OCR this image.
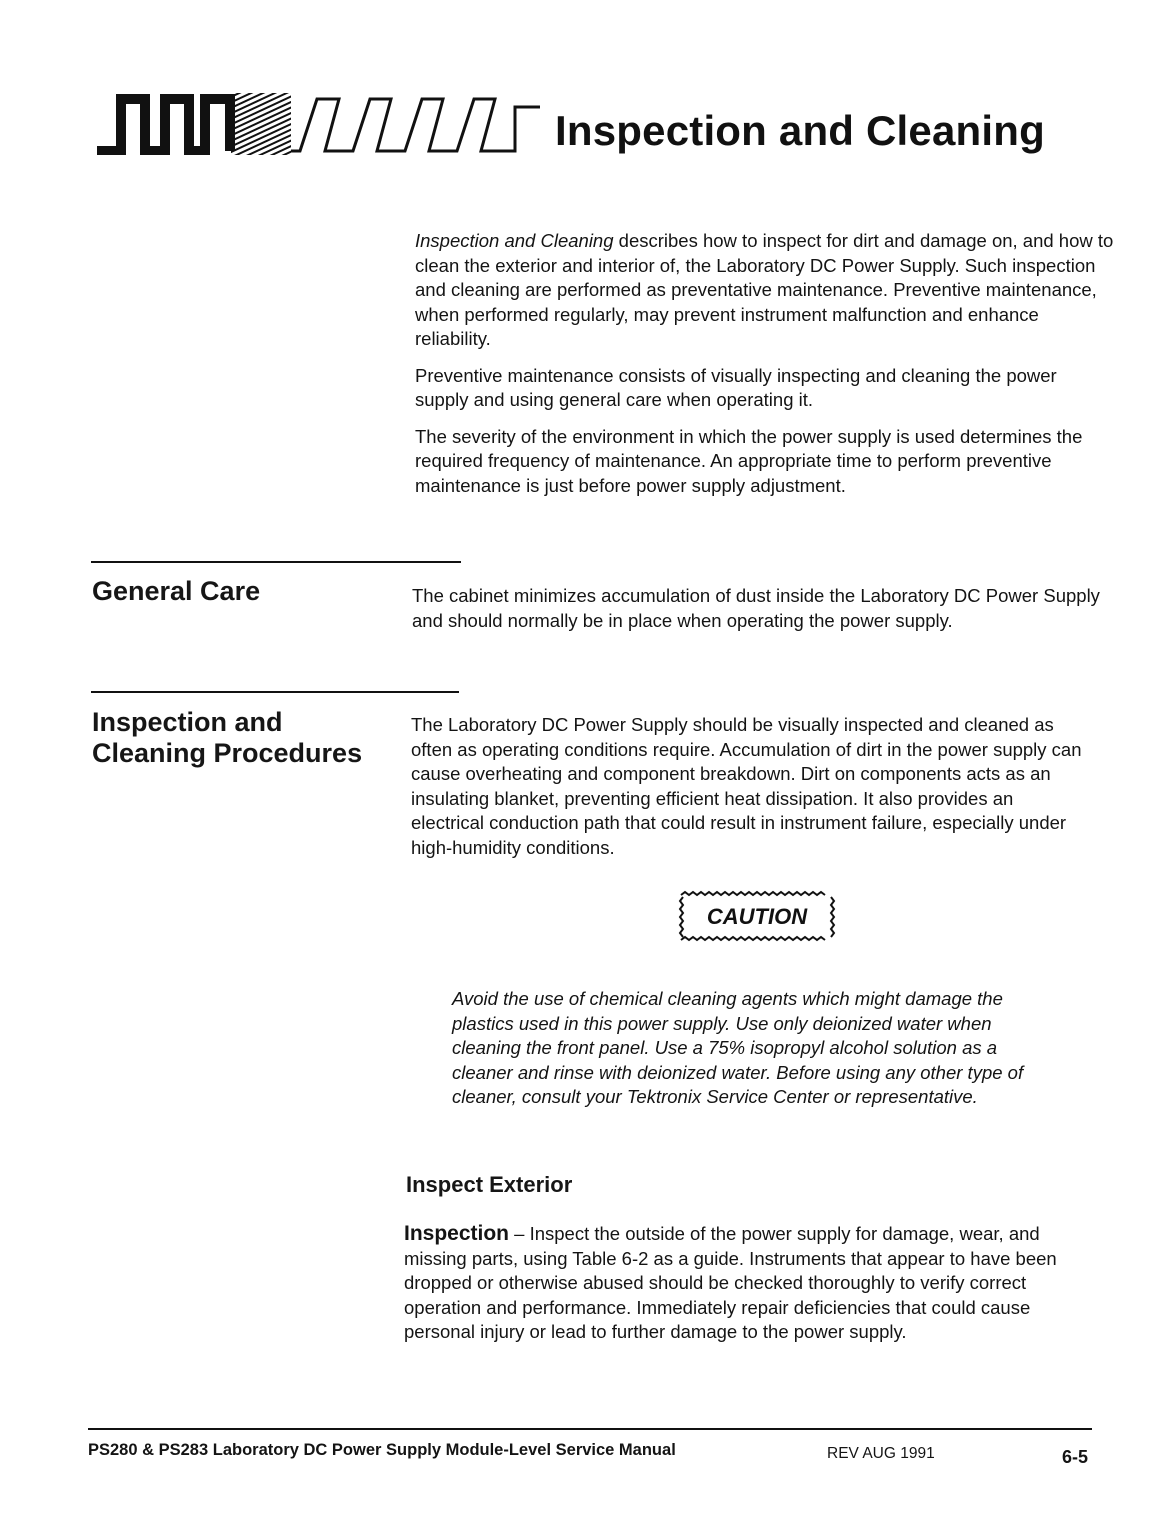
Inspection and Cleaning

Inspection and Cleaning describes how to inspect for dirt and damage on, and how to clean the exterior and interior of, the Laboratory DC Power Supply. Such inspection and cleaning are performed as preventative maintenance. Preventive maintenance, when performed regularly, may prevent instrument malfunction and enhance reliability.

Preventive maintenance consists of visually inspecting and cleaning the power supply and using general care when operating it.

The severity of the environment in which the power supply is used determines the required frequency of maintenance. An appropriate time to perform preventive maintenance is just before power supply adjustment.

General Care	The cabinet minimizes accumulation of dust inside the Laboratory DC Power Supply and should normally be in place when operating the power supply.

Inspection and
Cleaning Procedures

The Laboratory DC Power Supply should be visually inspected and cleaned as often as operating conditions require. Accumulation of dirt in the power supply can cause overheating and component breakdown. Dirt on components acts as an insulating blanket, preventing efficient heat dissipation. It also provides an electrical conduction path that could result in instrument failure, especially under high-humidity conditions.

CAUTION

Avoid the use of chemical cleaning agents which might damage the plastics used in this power supply. Use only deionized water when cleaning the front panel. Use a 75% isopropyl alcohol solution as a cleaner and rinse with deionized water. Before using any other type of cleaner, consult your Tektronix Service Center or representative.

Inspect Exterior

Inspection – Inspect the outside of the power supply for damage, wear, and missing parts, using Table 6-2 as a guide. Instruments that appear to have been dropped or otherwise abused should be checked thoroughly to verify correct operation and performance. Immediately repair deficiencies that could cause personal injury or lead to further damage to the power supply.

PS280 & PS283 Laboratory DC Power Supply Module-Level Service Manual	REV AUG 1991	6-5
